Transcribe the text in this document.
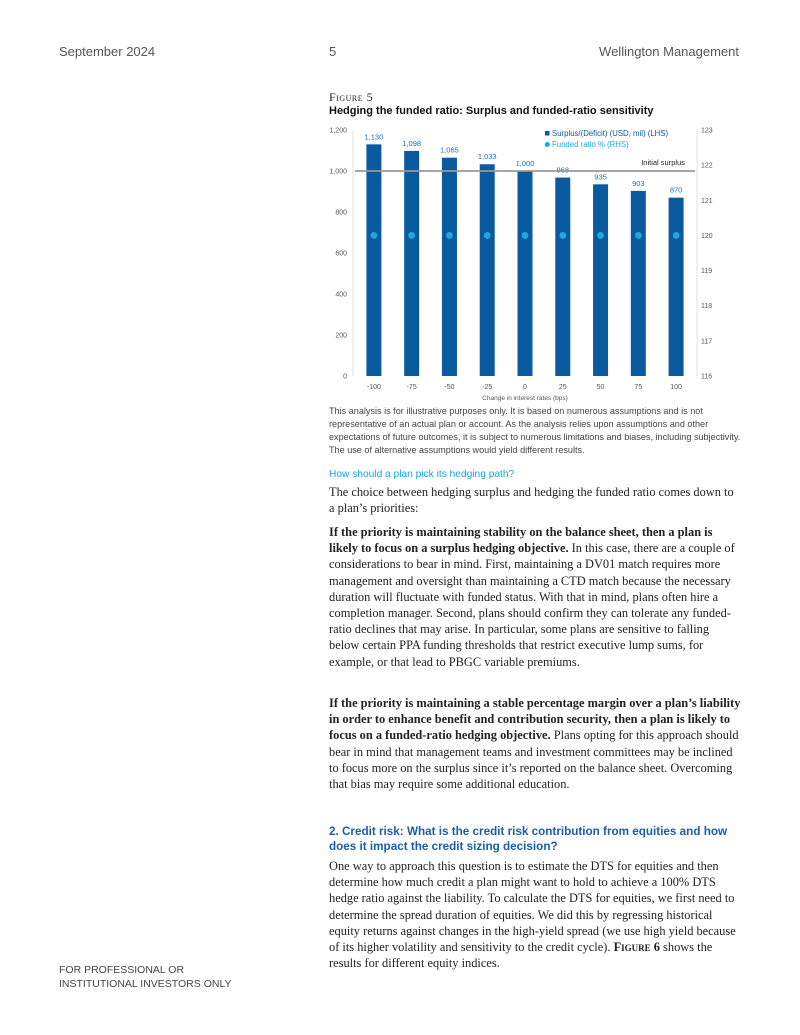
September 2024	5	Wellington Management
Figure 5
Hedging the funded ratio: Surplus and funded-ratio sensitivity
0
200
400
600
800
1,000
1,200
116
117
118
119
120
121
122
123
1,130
1,098
1,065
1,033
1,000
968
935
903
870
Initial surplus
-100	-75	-50	-25	0	25	50	75	100
Surplus/(Deficit) (USD, mil) (LHS)
Funded ratio % (RHS)
Change in interest rates (bps)
This analysis is for illustrative purposes only. It is based on numerous assumptions and is not representative of an actual plan or account. As the analysis relies upon assumptions and other expectations of future outcomes, it is subject to numerous limitations and biases, including subjectivity. The use of alternative assumptions would yield different results.
How should a plan pick its hedging path?

The choice between hedging surplus and hedging the funded ratio comes down to a plan’s priorities:

If the priority is maintaining stability on the balance sheet, then a plan is likely to focus on a surplus hedging objective. In this case, there are a couple of considerations to bear in mind. First, maintaining a DV01 match requires more management and oversight than maintaining a CTD match because the necessary duration will fluctuate with funded status. With that in mind, plans often hire a completion manager. Second, plans should confirm they can tolerate any funded-ratio declines that may arise. In particular, some plans are sensitive to falling below certain PPA funding thresholds that restrict executive lump sums, for example, or that lead to PBGC variable premiums.

If the priority is maintaining a stable percentage margin over a plan’s liability in order to enhance benefit and contribution security, then a plan is likely to focus on a funded-ratio hedging objective. Plans opting for this approach should bear in mind that management teams and investment committees may be inclined to focus more on the surplus since it’s reported on the balance sheet. Overcoming that bias may require some additional education.

2. Credit risk: What is the credit risk contribution from equities and how does it impact the credit sizing decision?

One way to approach this question is to estimate the DTS for equities and then determine how much credit a plan might want to hold to achieve a 100% DTS hedge ratio against the liability. To calculate the DTS for equities, we first need to determine the spread duration of equities. We did this by regressing historical equity returns against changes in the high-yield spread (we use high yield because of its higher volatility and sensitivity to the credit cycle). Figure 6 shows the results for different equity indices.

FOR PROFESSIONAL OR
INSTITUTIONAL INVESTORS ONLY
